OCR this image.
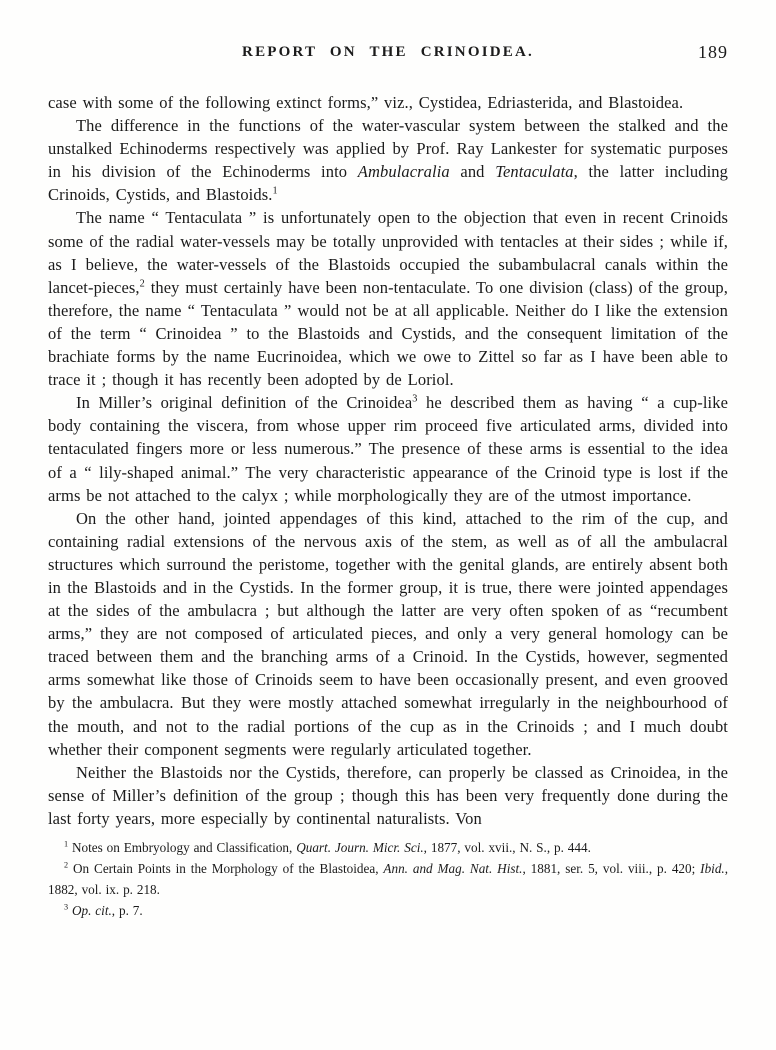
REPORT ON THE CRINOIDEA.	189

case with some of the following extinct forms,” viz., Cystidea, Edriasterida, and Blastoidea.

The difference in the functions of the water-vascular system between the stalked and the unstalked Echinoderms respectively was applied by Prof. Ray Lankester for systematic purposes in his division of the Echinoderms into Ambulacralia and Tentaculata, the latter including Crinoids, Cystids, and Blastoids.$^1$

The name “ Tentaculata ” is unfortunately open to the objection that even in recent Crinoids some of the radial water-vessels may be totally unprovided with tentacles at their sides ; while if, as I believe, the water-vessels of the Blastoids occupied the subambulacral canals within the lancet-pieces,$^2$ they must certainly have been non-tentaculate. To one division (class) of the group, therefore, the name “ Tentaculata ” would not be at all applicable. Neither do I like the extension of the term “ Crinoidea ” to the Blastoids and Cystids, and the consequent limitation of the brachiate forms by the name Eucrinoidea, which we owe to Zittel so far as I have been able to trace it ; though it has recently been adopted by de Loriol.

In Miller’s original definition of the Crinoidea$^3$ he described them as having “ a cup-like body containing the viscera, from whose upper rim proceed five articulated arms, divided into tentaculated fingers more or less numerous.” The presence of these arms is essential to the idea of a “ lily-shaped animal.” The very characteristic appearance of the Crinoid type is lost if the arms be not attached to the calyx ; while morphologically they are of the utmost importance.

On the other hand, jointed appendages of this kind, attached to the rim of the cup, and containing radial extensions of the nervous axis of the stem, as well as of all the ambulacral structures which surround the peristome, together with the genital glands, are entirely absent both in the Blastoids and in the Cystids. In the former group, it is true, there were jointed appendages at the sides of the ambulacra ; but although the latter are very often spoken of as “recumbent arms,” they are not composed of articulated pieces, and only a very general homology can be traced between them and the branching arms of a Crinoid. In the Cystids, however, segmented arms somewhat like those of Crinoids seem to have been occasionally present, and even grooved by the ambulacra. But they were mostly attached somewhat irregularly in the neighbourhood of the mouth, and not to the radial portions of the cup as in the Crinoids ; and I much doubt whether their component segments were regularly articulated together.

Neither the Blastoids nor the Cystids, therefore, can properly be classed as Crinoidea, in the sense of Miller’s definition of the group ; though this has been very frequently done during the last forty years, more especially by continental naturalists. Von

$^1$ Notes on Embryology and Classification, Quart. Journ. Micr. Sci., 1877, vol. xvii., N. S., p. 444.

$^2$ On Certain Points in the Morphology of the Blastoidea, Ann. and Mag. Nat. Hist., 1881, ser. 5, vol. viii., p. 420; Ibid., 1882, vol. ix. p. 218.

$^3$ Op. cit., p. 7.
